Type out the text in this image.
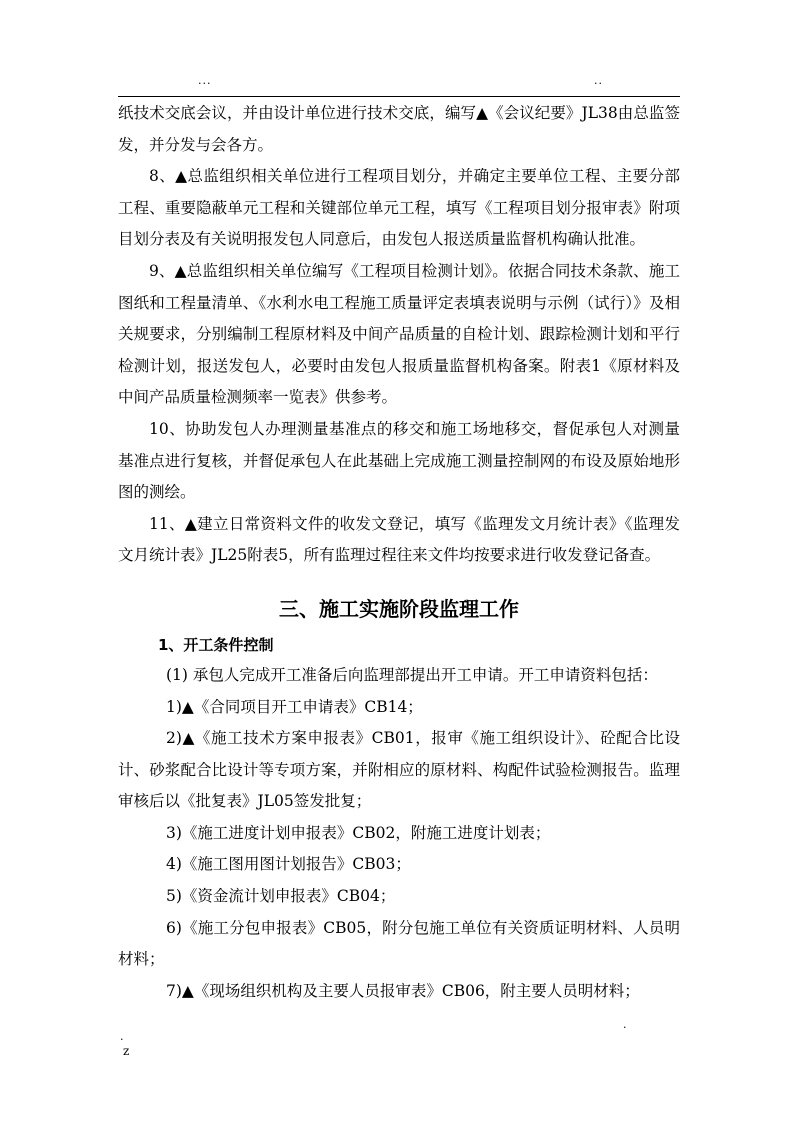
...	..

纸技术交底会议，并由设计单位进行技术交底，编写▲《会议纪要》JL38由总监签发，并分发与会各方。

8、▲总监组织相关单位进行工程项目划分，并确定主要单位工程、主要分部工程、重要隐蔽单元工程和关键部位单元工程，填写《工程项目划分报审表》附项目划分表及有关说明报发包人同意后，由发包人报送质量监督机构确认批准。

9、▲总监组织相关单位编写《工程项目检测计划》。依据合同技术条款、施工图纸和工程量清单、《水利水电工程施工质量评定表填表说明与示例（试行）》及相关规要求，分别编制工程原材料及中间产品质量的自检计划、跟踪检测计划和平行检测计划，报送发包人，必要时由发包人报质量监督机构备案。附表1《原材料及中间产品质量检测频率一览表》供参考。

10、协助发包人办理测量基准点的移交和施工场地移交，督促承包人对测量基准点进行复核，并督促承包人在此基础上完成施工测量控制网的布设及原始地形图的测绘。

11、▲建立日常资料文件的收发文登记，填写《监理发文月统计表》《监理发文月统计表》JL25附表5，所有监理过程往来文件均按要求进行收发登记备查。

三、施工实施阶段监理工作
1、开工条件控制

(1) 承包人完成开工准备后向监理部提出开工申请。开工申请资料包括：

1)▲《合同项目开工申请表》CB14；

2)▲《施工技术方案申报表》CB01，报审《施工组织设计》、砼配合比设计、砂浆配合比设计等专项方案，并附相应的原材料、构配件试验检测报告。监理审核后以《批复表》JL05签发批复；

3)《施工进度计划申报表》CB02，附施工进度计划表；

4)《施工图用图计划报告》CB03；

5)《资金流计划申报表》CB04；

6)《施工分包申报表》CB05，附分包施工单位有关资质证明材料、人员明材料；

7)▲《现场组织机构及主要人员报审表》CB06，附主要人员明材料；

.
.
z
